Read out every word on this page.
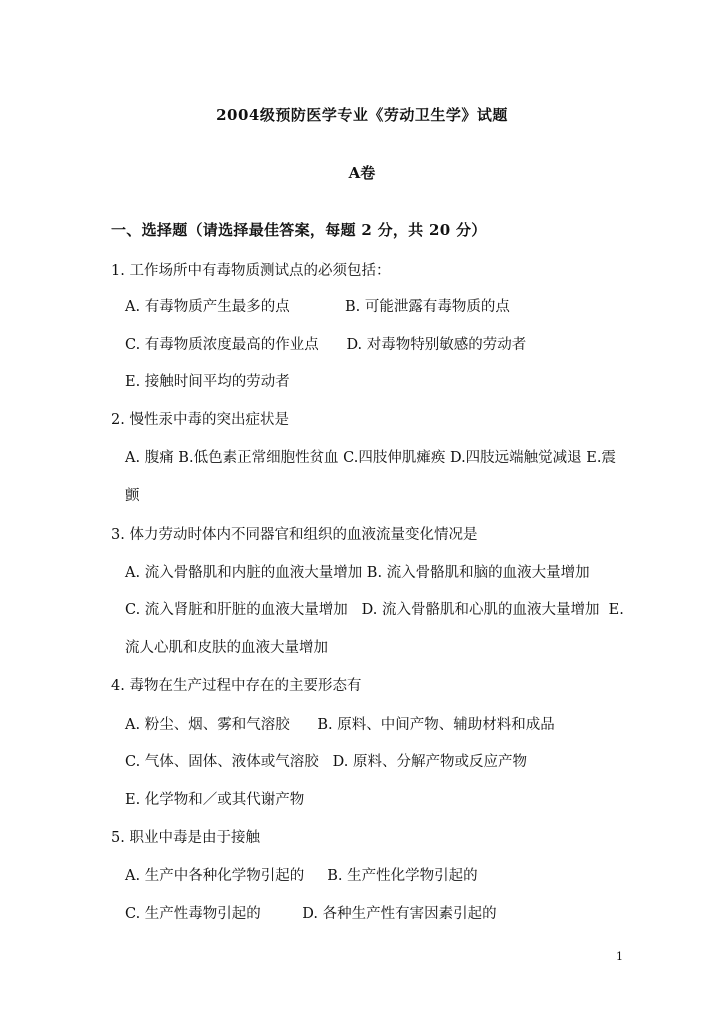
2004级预防医学专业《劳动卫生学》试题
A卷
一、选择题（请选择最佳答案，每题 2 分，共 20 分）
1. 工作场所中有毒物质测试点的必须包括：
A. 有毒物质产生最多的点            B. 可能泄露有毒物质的点
C. 有毒物质浓度最高的作业点      D. 对毒物特别敏感的劳动者
E. 接触时间平均的劳动者
2. 慢性汞中毒的突出症状是
A. 腹痛 B.低色素正常细胞性贫血 C.四肢伸肌瘫痪 D.四肢远端触觉减退 E.震
颤
3. 体力劳动时体内不同器官和组织的血液流量变化情况是
A. 流入骨骼肌和内脏的血液大量增加 B. 流入骨骼肌和脑的血液大量增加
C. 流入肾脏和肝脏的血液大量增加   D. 流入骨骼肌和心肌的血液大量增加  E.
流人心肌和皮肤的血液大量增加
4. 毒物在生产过程中存在的主要形态有
A. 粉尘、烟、雾和气溶胶      B. 原料、中间产物、辅助材料和成品
C. 气体、固体、液体或气溶胶   D. 原料、分解产物或反应产物
E. 化学物和／或其代谢产物
5. 职业中毒是由于接触
A. 生产中各种化学物引起的     B. 生产性化学物引起的
C. 生产性毒物引起的         D. 各种生产性有害因素引起的
1
